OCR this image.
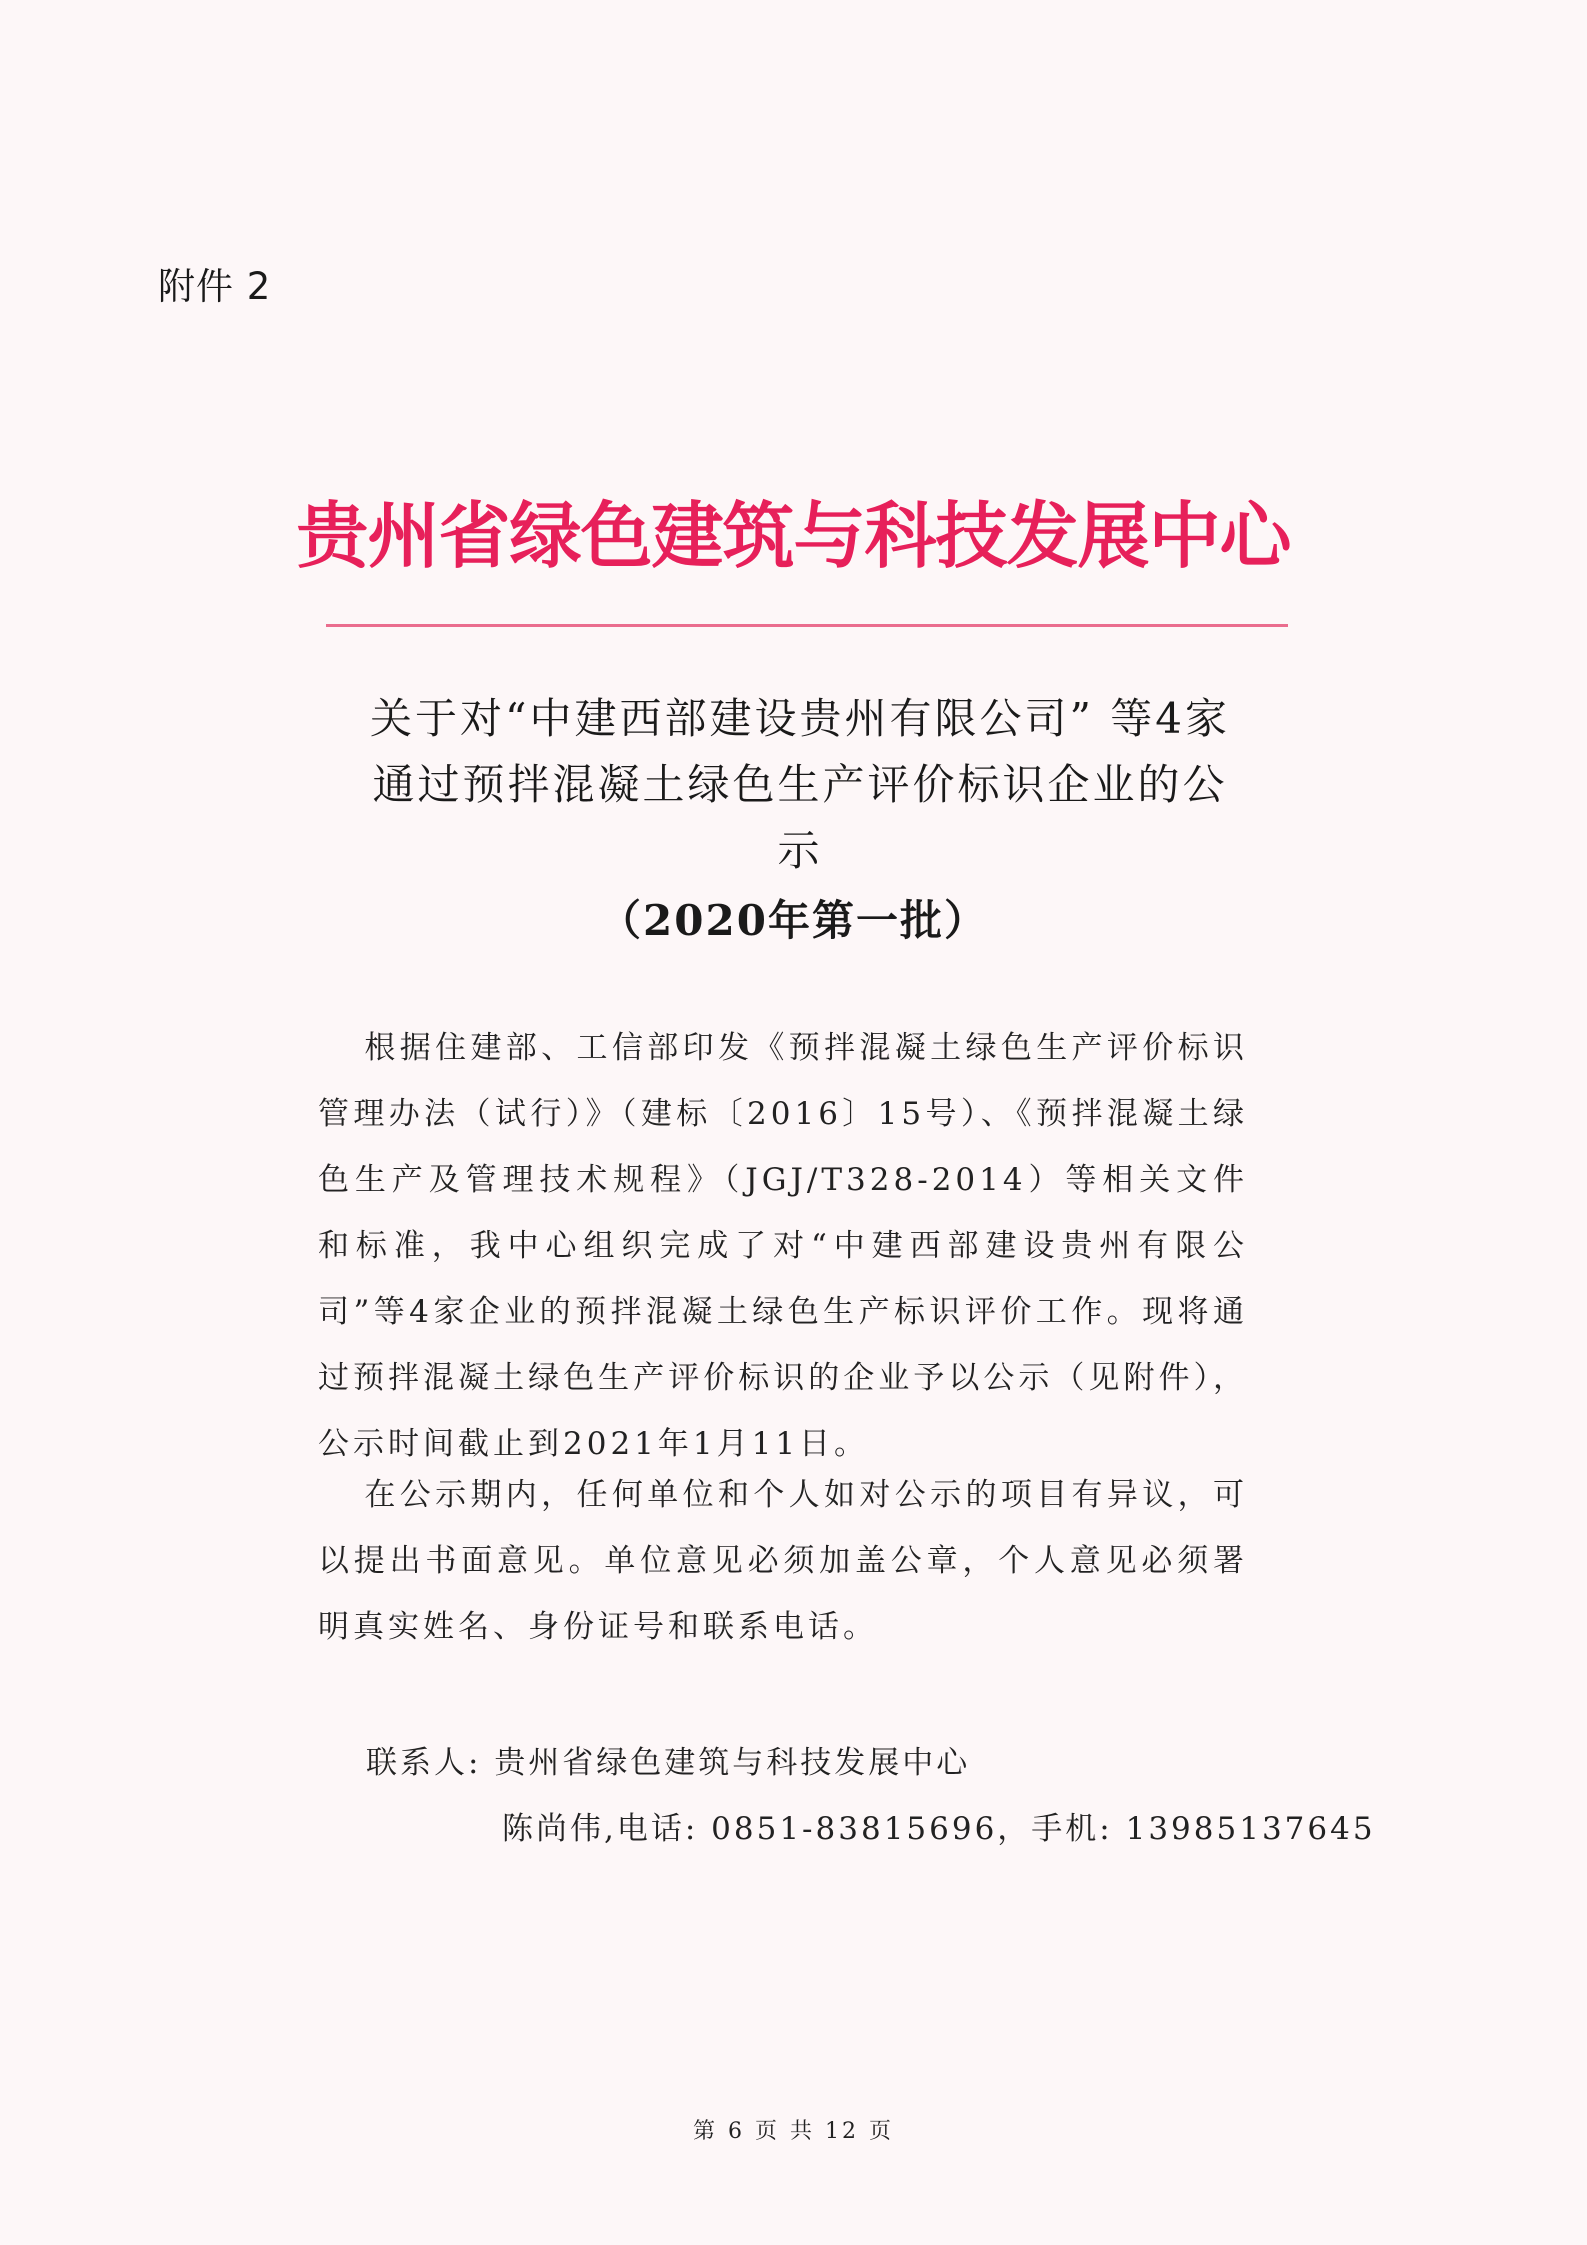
附件 2
贵州省绿色建筑与科技发展中心
关于对“中建西部建设贵州有限公司” 等4家
通过预拌混凝土绿色生产评价标识企业的公
示
（2020年第一批）
根据住建部、工信部印发《预拌混凝土绿色生产评价标识管理办法（试行）》（建标〔2016〕15号）、《预拌混凝土绿色生产及管理技术规程》（JGJ/T328-2014）等相关文件和标准，我中心组织完成了对“中建西部建设贵州有限公司”等4家企业的预拌混凝土绿色生产标识评价工作。现将通过预拌混凝土绿色生产评价标识的企业予以公示（见附件），公示时间截止到2021年1月11日。
在公示期内，任何单位和个人如对公示的项目有异议，可以提出书面意见。单位意见必须加盖公章，个人意见必须署明真实姓名、身份证号和联系电话。
联系人: 贵州省绿色建筑与科技发展中心
陈尚伟,电话: 0851-83815696，手机: 13985137645
第 6 页 共 12 页
